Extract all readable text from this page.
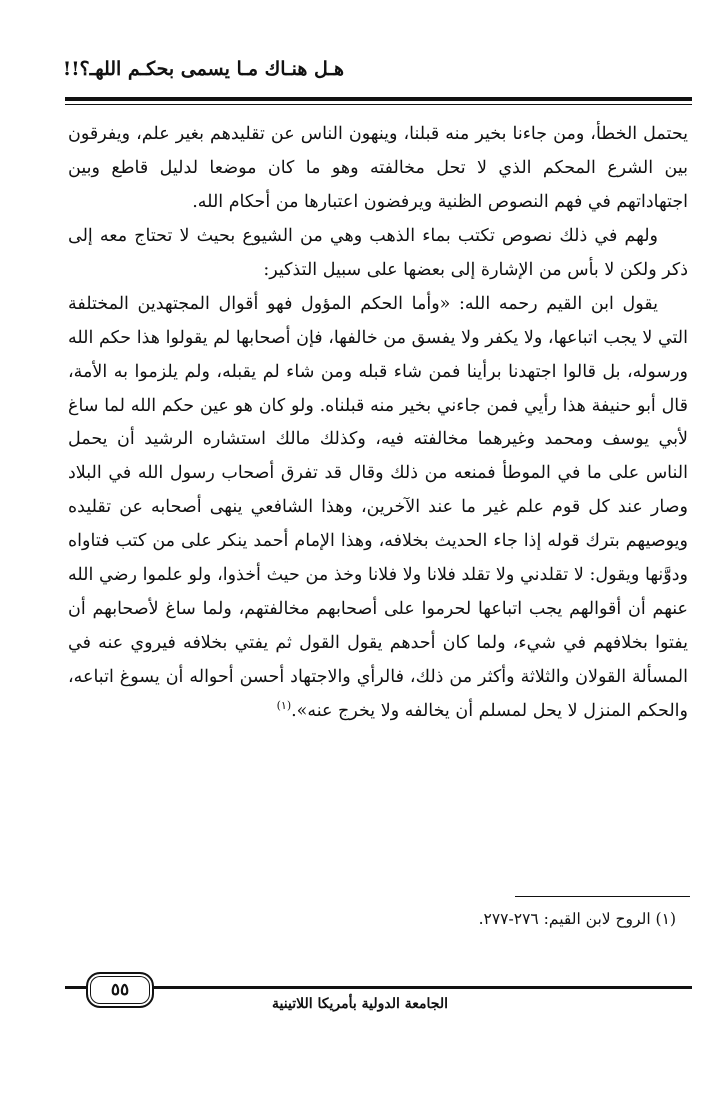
هـل هنـاك مـا يسمى بحكـم اللهـ؟!!

يحتمل الخطأ، ومن جاءنا بخير منه قبلنا، وينهون الناس عن تقليدهم بغير علم، ويفرقون بين الشرع المحكم الذي لا تحل مخالفته وهو ما كان موضعا لدليل قاطع وبين اجتهاداتهم في فهم النصوص الظنية ويرفضون اعتبارها من أحكام الله.

ولهم في ذلك نصوص تكتب بماء الذهب وهي من الشيوع بحيث لا تحتاج معه إلى ذكر ولكن لا بأس من الإشارة إلى بعضها على سبيل التذكير:

يقول ابن القيم رحمه الله: «وأما الحكم المؤول فهو أقوال المجتهدين المختلفة التي لا يجب اتباعها، ولا يكفر ولا يفسق من خالفها، فإن أصحابها لم يقولوا هذا حكم الله ورسوله، بل قالوا اجتهدنا برأينا فمن شاء قبله ومن شاء لم يقبله، ولم يلزموا به الأمة، قال أبو حنيفة هذا رأيي فمن جاءني بخير منه قبلناه. ولو كان هو عين حكم الله لما ساغ لأبي يوسف ومحمد وغيرهما مخالفته فيه، وكذلك مالك استشاره الرشيد أن يحمل الناس على ما في الموطأ فمنعه من ذلك وقال قد تفرق أصحاب رسول الله في البلاد وصار عند كل قوم علم غير ما عند الآخرين، وهذا الشافعي ينهى أصحابه عن تقليده ويوصيهم بترك قوله إذا جاء الحديث بخلافه، وهذا الإمام أحمد ينكر على من كتب فتاواه ودوَّنها ويقول: لا تقلدني ولا تقلد فلانا ولا فلانا وخذ من حيث أخذوا، ولو علموا رضي الله عنهم أن أقوالهم يجب اتباعها لحرموا على أصحابهم مخالفتهم، ولما ساغ لأصحابهم أن يفتوا بخلافهم في شيء، ولما كان أحدهم يقول القول ثم يفتي بخلافه فيروي عنه في المسألة القولان والثلاثة وأكثر من ذلك، فالرأي والاجتهاد أحسن أحواله أن يسوغ اتباعه، والحكم المنزل لا يحل لمسلم أن يخالفه ولا يخرج عنه».$^{(١)}$

(١) الروح لابن القيم: ٢٧٦-٢٧٧.
٥٥
الجامعة الدولية بأمريكا اللاتينية
